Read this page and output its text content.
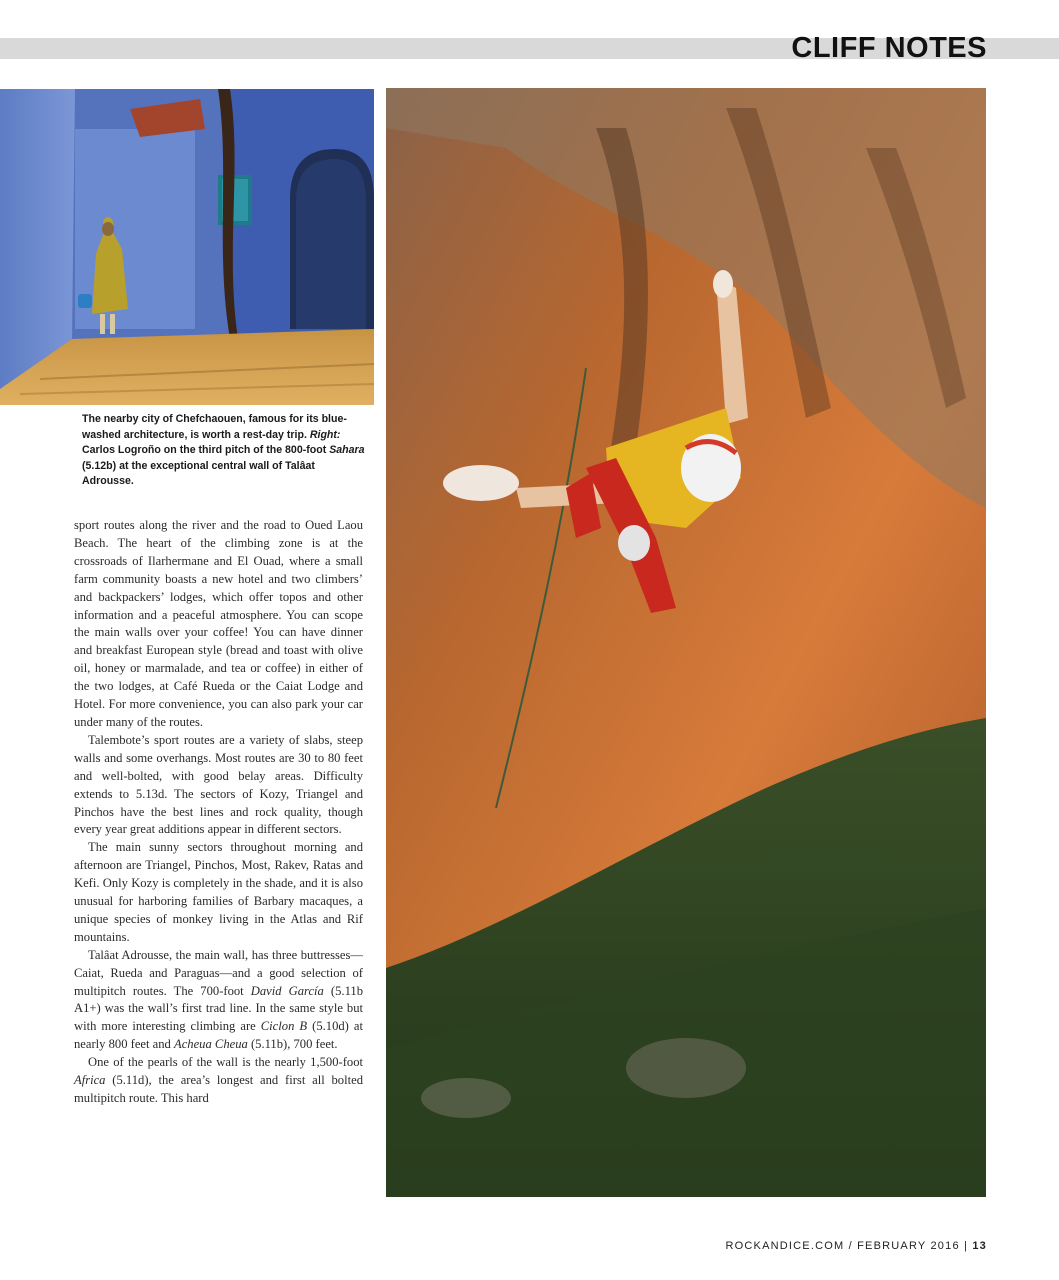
CLIFF NOTES
The nearby city of Chefchaouen, famous for its blue-washed architecture, is worth a rest-day trip. Right: Carlos Logroño on the third pitch of the 800-foot Sahara (5.12b) at the exceptional central wall of Talâat Adrousse.

sport routes along the river and the road to Oued Laou Beach. The heart of the climbing zone is at the crossroads of Ilarhermane and El Ouad, where a small farm community boasts a new hotel and two climbers’ and backpackers’ lodges, which offer topos and other information and a peaceful atmosphere. You can scope the main walls over your coffee! You can have dinner and breakfast European style (bread and toast with olive oil, honey or marmalade, and tea or coffee) in either of the two lodges, at Café Rueda or the Caiat Lodge and Hotel. For more convenience, you can also park your car under many of the routes.

Talembote’s sport routes are a variety of slabs, steep walls and some overhangs. Most routes are 30 to 80 feet and well-bolted, with good belay areas. Difficulty extends to 5.13d. The sectors of Kozy, Triangel and Pinchos have the best lines and rock quality, though every year great additions appear in different sectors.

The main sunny sectors throughout morning and afternoon are Triangel, Pinchos, Most, Rakev, Ratas and Kefi. Only Kozy is completely in the shade, and it is also unusual for harboring families of Barbary macaques, a unique species of monkey living in the Atlas and Rif mountains.

Talâat Adrousse, the main wall, has three buttresses—Caiat, Rueda and Paraguas—and a good selection of multipitch routes. The 700-foot David García (5.11b A1+) was the wall’s first trad line. In the same style but with more interesting climbing are Ciclon B (5.10d) at nearly 800 feet and Acheua Cheua (5.11b), 700 feet.

One of the pearls of the wall is the nearly 1,500-foot Africa (5.11d), the area’s longest and first all bolted multipitch route. This hard

ROCKANDICE.COM / FEBRUARY 2016 | 13
